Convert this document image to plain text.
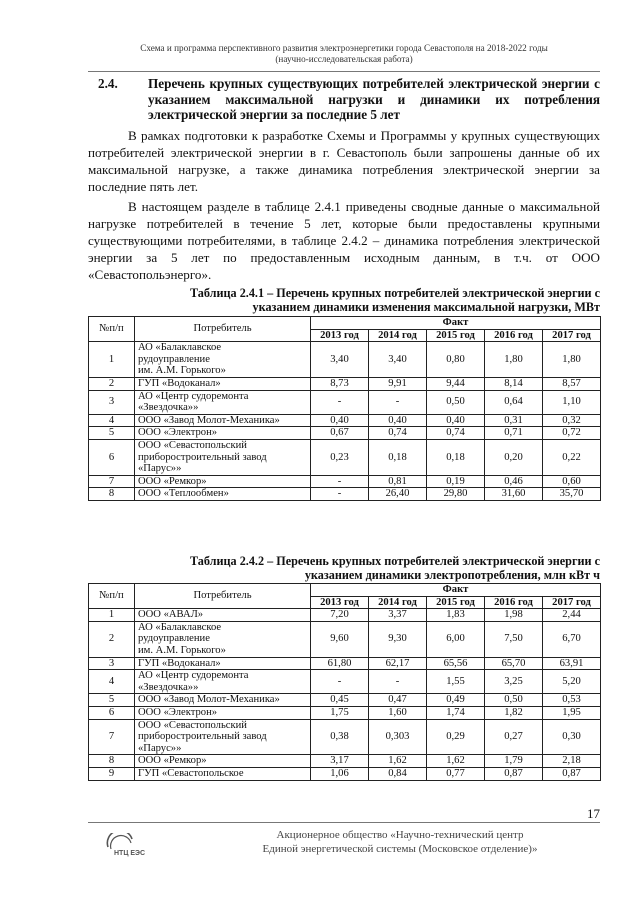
Схема и программа перспективного развития электроэнергетики города Севастополя на 2018-2022 годы
(научно-исследовательская работа)
2.4. Перечень крупных существующих потребителей электрической энергии с указанием максимальной нагрузки и динамики их потребления электрической энергии за последние 5 лет
В рамках подготовки к разработке Схемы и Программы у крупных существующих потребителей электрической энергии в г. Севастополь были запрошены данные об их максимальной нагрузке, а также динамика потребления электрической энергии за последние пять лет.
В настоящем разделе в таблице 2.4.1 приведены сводные данные о максимальной нагрузке потребителей в течение 5 лет, которые были предоставлены крупными существующими потребителями, в таблице 2.4.2 – динамика потребления электрической энергии за 5 лет по предоставленным исходным данным, в т.ч. от ООО «Севастопольэнерго».
Таблица 2.4.1 – Перечень крупных потребителей электрической энергии с
указанием динамики изменения максимальной нагрузки, МВт
№п/п	Потребитель	Факт				
		2013 год	2014 год	2015 год	2016 год	2017 год
1	АО «Балаклавское
рудоуправление
им. А.М. Горького»	3,40	3,40	0,80	1,80	1,80
2	ГУП «Водоканал»	8,73	9,91	9,44	8,14	8,57
3	АО «Центр судоремонта
«Звездочка»»	-	-	0,50	0,64	1,10
4	ООО «Завод Молот-Механика»	0,40	0,40	0,40	0,31	0,32
5	ООО «Электрон»	0,67	0,74	0,74	0,71	0,72
6	ООО «Севастопольский
приборостроительный завод
«Парус»»	0,23	0,18	0,18	0,20	0,22
7	ООО «Ремкор»	-	0,81	0,19	0,46	0,60
8	ООО «Теплообмен»	-	26,40	29,80	31,60	35,70
Таблица 2.4.2 – Перечень крупных потребителей электрической энергии с
указанием динамики электропотребления, млн кВт ч
№п/п	Потребитель	Факт				
		2013 год	2014 год	2015 год	2016 год	2017 год
1	ООО «АВАЛ»	7,20	3,37	1,83	1,98	2,44
2	АО «Балаклавское
рудоуправление
им. А.М. Горького»	9,60	9,30	6,00	7,50	6,70
3	ГУП «Водоканал»	61,80	62,17	65,56	65,70	63,91
4	АО «Центр судоремонта
«Звездочка»»	-	-	1,55	3,25	5,20
5	ООО «Завод Молот-Механика»	0,45	0,47	0,49	0,50	0,53
6	ООО «Электрон»	1,75	1,60	1,74	1,82	1,95
7	ООО «Севастопольский
приборостроительный завод
«Парус»»	0,38	0,303	0,29	0,27	0,30
8	ООО «Ремкор»	3,17	1,62	1,62	1,79	2,18
9	ГУП «Севастопольское	1,06	0,84	0,77	0,87	0,87
17
НТЦ ЕЭС
Акционерное общество «Научно-технический центр
Единой энергетической системы (Московское отделение)»
